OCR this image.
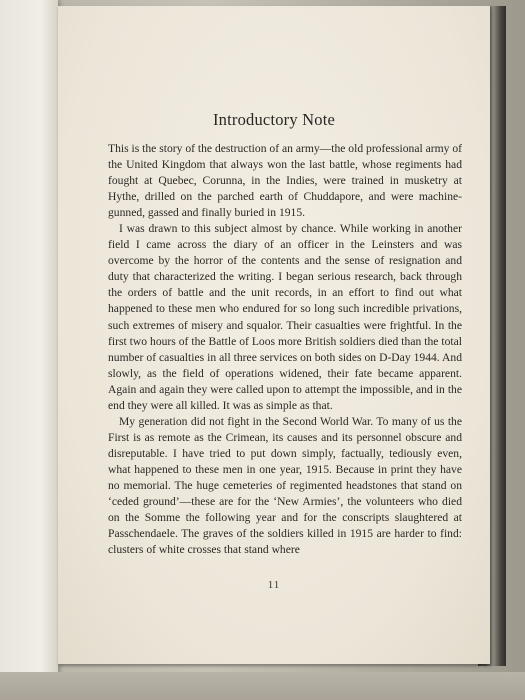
Introductory Note

This is the story of the destruction of an army—the old professional army of the United Kingdom that always won the last battle, whose regiments had fought at Quebec, Corunna, in the Indies, were trained in musketry at Hythe, drilled on the parched earth of Chuddapore, and were machine-gunned, gassed and finally buried in 1915.

I was drawn to this subject almost by chance. While working in another field I came across the diary of an officer in the Leinsters and was overcome by the horror of the contents and the sense of resignation and duty that characterized the writing. I began serious research, back through the orders of battle and the unit records, in an effort to find out what happened to these men who endured for so long such incredible privations, such extremes of misery and squalor. Their casualties were frightful. In the first two hours of the Battle of Loos more British soldiers died than the total number of casualties in all three services on both sides on D-Day 1944. And slowly, as the field of operations widened, their fate became apparent. Again and again they were called upon to attempt the impossible, and in the end they were all killed. It was as simple as that.

My generation did not fight in the Second World War. To many of us the First is as remote as the Crimean, its causes and its personnel obscure and disreputable. I have tried to put down simply, factually, tediously even, what happened to these men in one year, 1915. Because in print they have no memorial. The huge cemeteries of regimented headstones that stand on ‘ceded ground’—these are for the ‘New Armies’, the volunteers who died on the Somme the following year and for the conscripts slaughtered at Passchendaele. The graves of the soldiers killed in 1915 are harder to find: clusters of white crosses that stand where

11
